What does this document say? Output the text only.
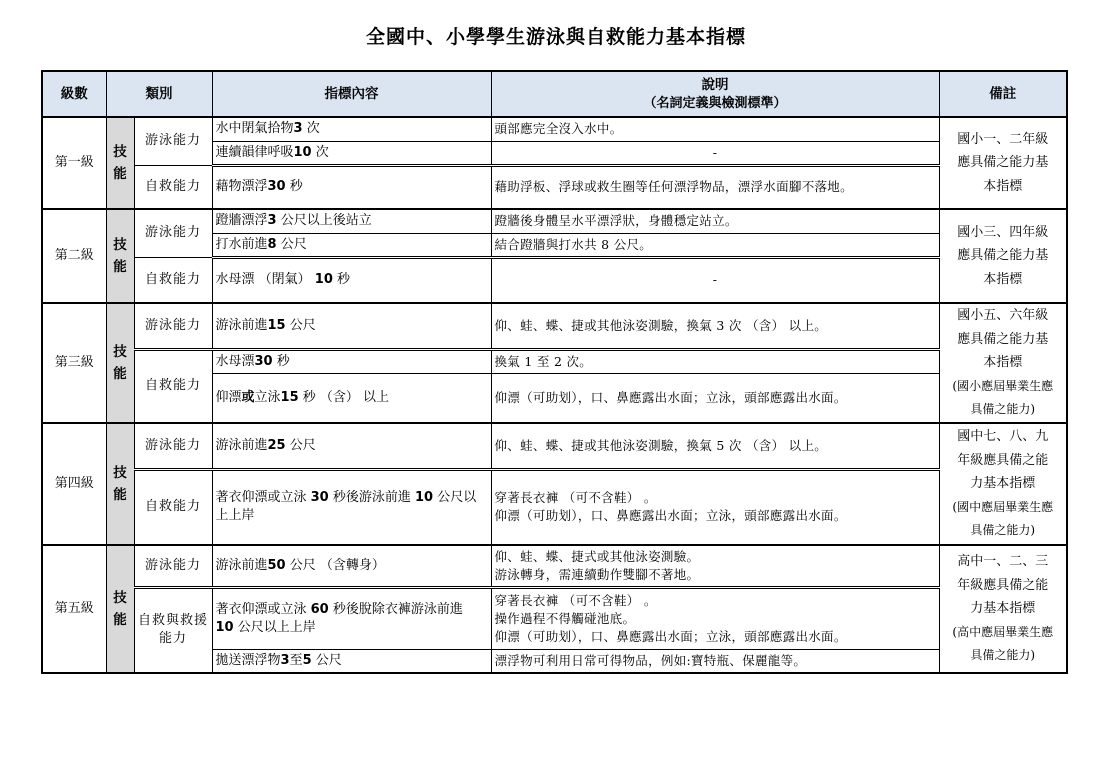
全國中、小學學生游泳與自救能力基本指標
級數	類別		指標內容	說明
（名詞定義與檢測標準）	備註
第一級	技
能	游泳能力	水中閉氣拾物3 次	頭部應完全沒入水中。	國小一、二年級
應具備之能力基
本指標
			連續韻律呼吸10 次	-	
		自救能力	藉物漂浮30 秒	藉助浮板、浮球或救生圈等任何漂浮物品，漂浮水面腳不落地。	
第二級	技
能	游泳能力	蹬牆漂浮3 公尺以上後站立	蹬牆後身體呈水平漂浮狀，身體穩定站立。	國小三、四年級
應具備之能力基
本指標
			打水前進8 公尺	結合蹬牆與打水共 8 公尺。	
		自救能力	水母漂 （閉氣） 10 秒	-	
第三級	技
能	游泳能力	游泳前進15 公尺	仰、蛙、蝶、捷或其他泳姿測驗，換氣 3 次 （含） 以上。	國小五、六年級
應具備之能力基
本指標
(國小應屆畢業生應
具備之能力)
		自救能力	水母漂30 秒	換氣 1 至 2 次。	
			仰漂或立泳15 秒 （含） 以上	仰漂（可助划），口、鼻應露出水面；立泳，頭部應露出水面。	
第四級	技
能	游泳能力	游泳前進25 公尺	仰、蛙、蝶、捷或其他泳姿測驗，換氣 5 次 （含） 以上。	國中七、八、九
年級應具備之能
力基本指標
(國中應屆畢業生應
具備之能力)
		自救能力	著衣仰漂或立泳 30 秒後游泳前進 10 公尺以上上岸	穿著長衣褲 （可不含鞋） 。
仰漂（可助划），口、鼻應露出水面；立泳，頭部應露出水面。	
第五級	技
能	游泳能力	游泳前進50 公尺 （含轉身）	仰、蛙、蝶、捷式或其他泳姿測驗。
游泳轉身，需連續動作雙腳不著地。	高中一、二、三
年級應具備之能
力基本指標
(高中應屆畢業生應
具備之能力)
		自救與救援能力	著衣仰漂或立泳 60 秒後脫除衣褲游泳前進
10 公尺以上上岸	穿著長衣褲 （可不含鞋） 。
操作過程不得觸碰池底。
仰漂（可助划），口、鼻應露出水面；立泳，頭部應露出水面。	
			拋送漂浮物3至5 公尺	漂浮物可利用日常可得物品，例如:寶特瓶、保麗龍等。	
